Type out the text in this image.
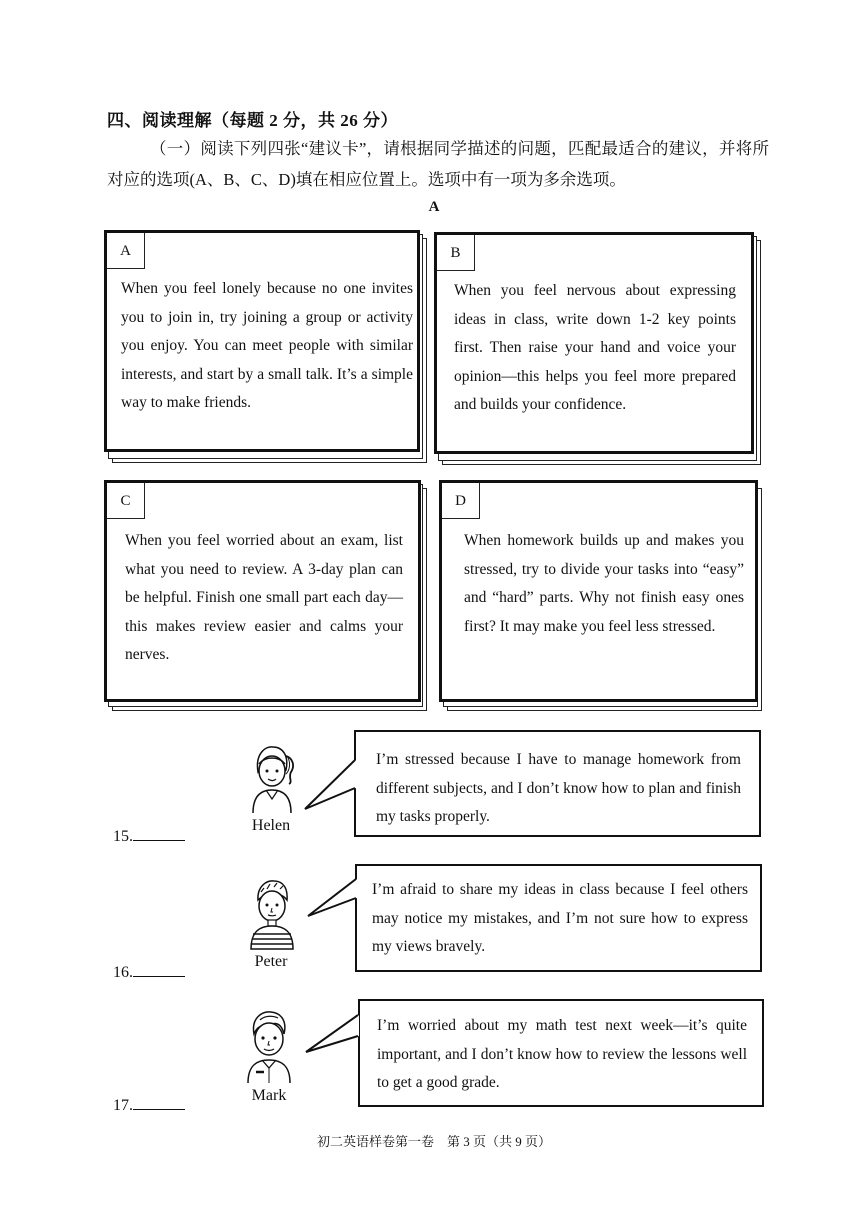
四、阅读理解（每题 2 分，共 26 分）
（一）阅读下列四张“建议卡”，请根据同学描述的问题，匹配最适合的建议，并将所对应的选项(A、B、C、D)填在相应位置上。选项中有一项为多余选项。
A
A
When you feel lonely because no one invites you to join in, try joining a group or activity you enjoy. You can meet people with similar interests, and start by a small talk. It’s a simple way to make friends.
B
When you feel nervous about expressing ideas in class, write down 1-2 key points first. Then raise your hand and voice your opinion—this helps you feel more prepared and builds your confidence.
C
When you feel worried about an exam, list what you need to review. A 3-day plan can be helpful. Finish one small part each day—this makes review easier and calms your nerves.
D
When homework builds up and makes you stressed, try to divide your tasks into “easy” and “hard” parts. Why not finish easy ones first? It may make you feel less stressed.
15.
Helen
I’m stressed because I have to manage homework from different subjects, and I don’t know how to plan and finish my tasks properly.
16.
Peter
I’m afraid to share my ideas in class because I feel others may notice my mistakes, and I’m not sure how to express my views bravely.
17.
Mark
I’m worried about my math test next week—it’s quite important, and I don’t know how to review the lessons well to get a good grade.
初二英语样卷第一卷　第 3 页（共 9 页）
